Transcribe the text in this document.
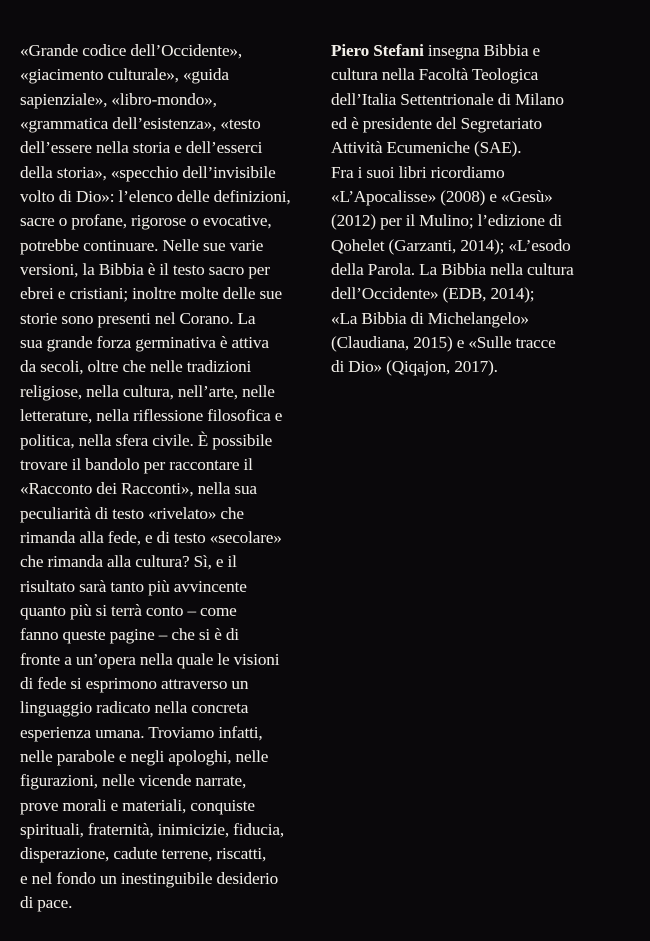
«Grande codice dell’Occidente»,
«giacimento culturale», «guida
sapienziale», «libro-mondo»,
«grammatica dell’esistenza», «testo
dell’essere nella storia e dell’esserci
della storia», «specchio dell’invisibile
volto di Dio»: l’elenco delle definizioni,
sacre o profane, rigorose o evocative,
potrebbe continuare. Nelle sue varie
versioni, la Bibbia è il testo sacro per
ebrei e cristiani; inoltre molte delle sue
storie sono presenti nel Corano. La
sua grande forza germinativa è attiva
da secoli, oltre che nelle tradizioni
religiose, nella cultura, nell’arte, nelle
letterature, nella riflessione filosofica e
politica, nella sfera civile. È possibile
trovare il bandolo per raccontare il
«Racconto dei Racconti», nella sua
peculiarità di testo «rivelato» che
rimanda alla fede, e di testo «secolare»
che rimanda alla cultura? Sì, e il
risultato sarà tanto più avvincente
quanto più si terrà conto – come
fanno queste pagine – che si è di
fronte a un’opera nella quale le visioni
di fede si esprimono attraverso un
linguaggio radicato nella concreta
esperienza umana. Troviamo infatti,
nelle parabole e negli apologhi, nelle
figurazioni, nelle vicende narrate,
prove morali e materiali, conquiste
spirituali, fraternità, inimicizie, fiducia,
disperazione, cadute terrene, riscatti,
e nel fondo un inestinguibile desiderio
di pace.
Piero Stefani insegna Bibbia e
cultura nella Facoltà Teologica
dell’Italia Settentrionale di Milano
ed è presidente del Segretariato
Attività Ecumeniche (SAE).
Fra i suoi libri ricordiamo
«L’Apocalisse» (2008) e «Gesù»
(2012) per il Mulino; l’edizione di
Qohelet (Garzanti, 2014); «L’esodo
della Parola. La Bibbia nella cultura
dell’Occidente» (EDB, 2014);
«La Bibbia di Michelangelo»
(Claudiana, 2015) e «Sulle tracce
di Dio» (Qiqajon, 2017).
